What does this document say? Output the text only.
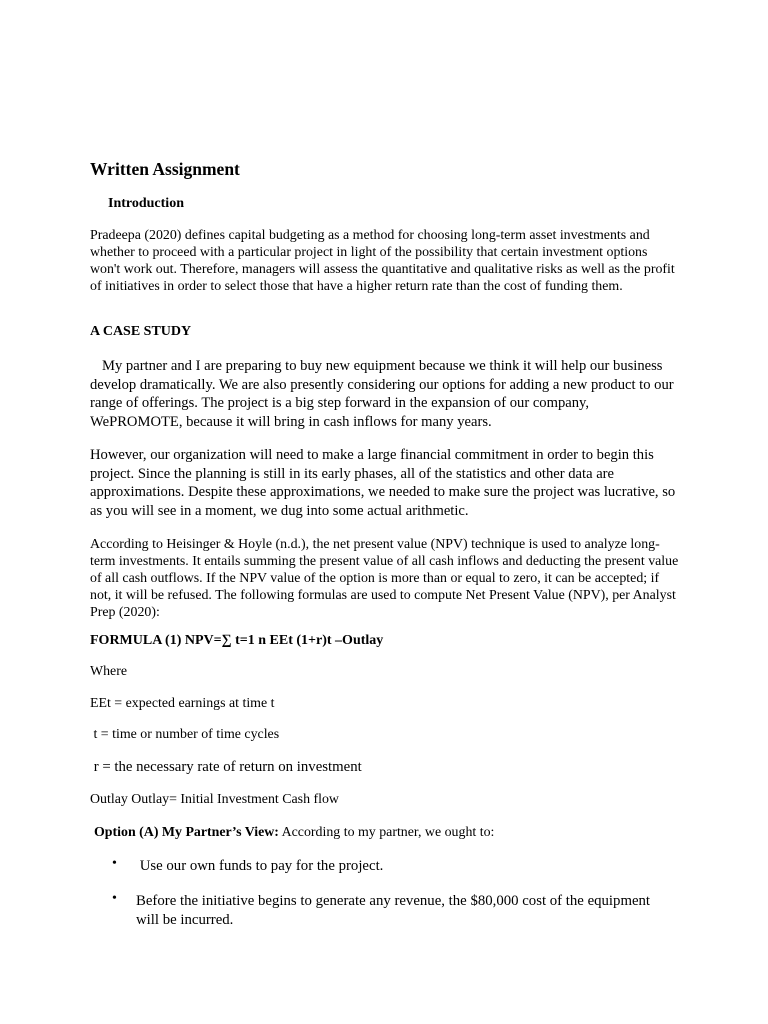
Written Assignment
Introduction

Pradeepa (2020) defines capital budgeting as a method for choosing long-term asset investments and whether to proceed with a particular project in light of the possibility that certain investment options won't work out. Therefore, managers will assess the quantitative and qualitative risks as well as the profit of initiatives in order to select those that have a higher return rate than the cost of funding them.

A CASE STUDY

My partner and I are preparing to buy new equipment because we think it will help our business develop dramatically. We are also presently considering our options for adding a new product to our range of offerings. The project is a big step forward in the expansion of our company, WePROMOTE, because it will bring in cash inflows for many years.

However, our organization will need to make a large financial commitment in order to begin this project. Since the planning is still in its early phases, all of the statistics and other data are approximations. Despite these approximations, we needed to make sure the project was lucrative, so as you will see in a moment, we dug into some actual arithmetic.

According to Heisinger & Hoyle (n.d.), the net present value (NPV) technique is used to analyze long-term investments. It entails summing the present value of all cash inflows and deducting the present value of all cash outflows. If the NPV value of the option is more than or equal to zero, it can be accepted; if not, it will be refused. The following formulas are used to compute Net Present Value (NPV), per Analyst Prep (2020):

FORMULA (1) NPV=∑ t=1 n EEt (1+r)t –Outlay

Where

EEt = expected earnings at time t

t = time or number of time cycles

r = the necessary rate of return on investment

Outlay Outlay= Initial Investment Cash flow

Option (A) My Partner’s View: According to my partner, we ought to:

• Use our own funds to pay for the project.

• Before the initiative begins to generate any revenue, the $80,000 cost of the equipment will be incurred.
